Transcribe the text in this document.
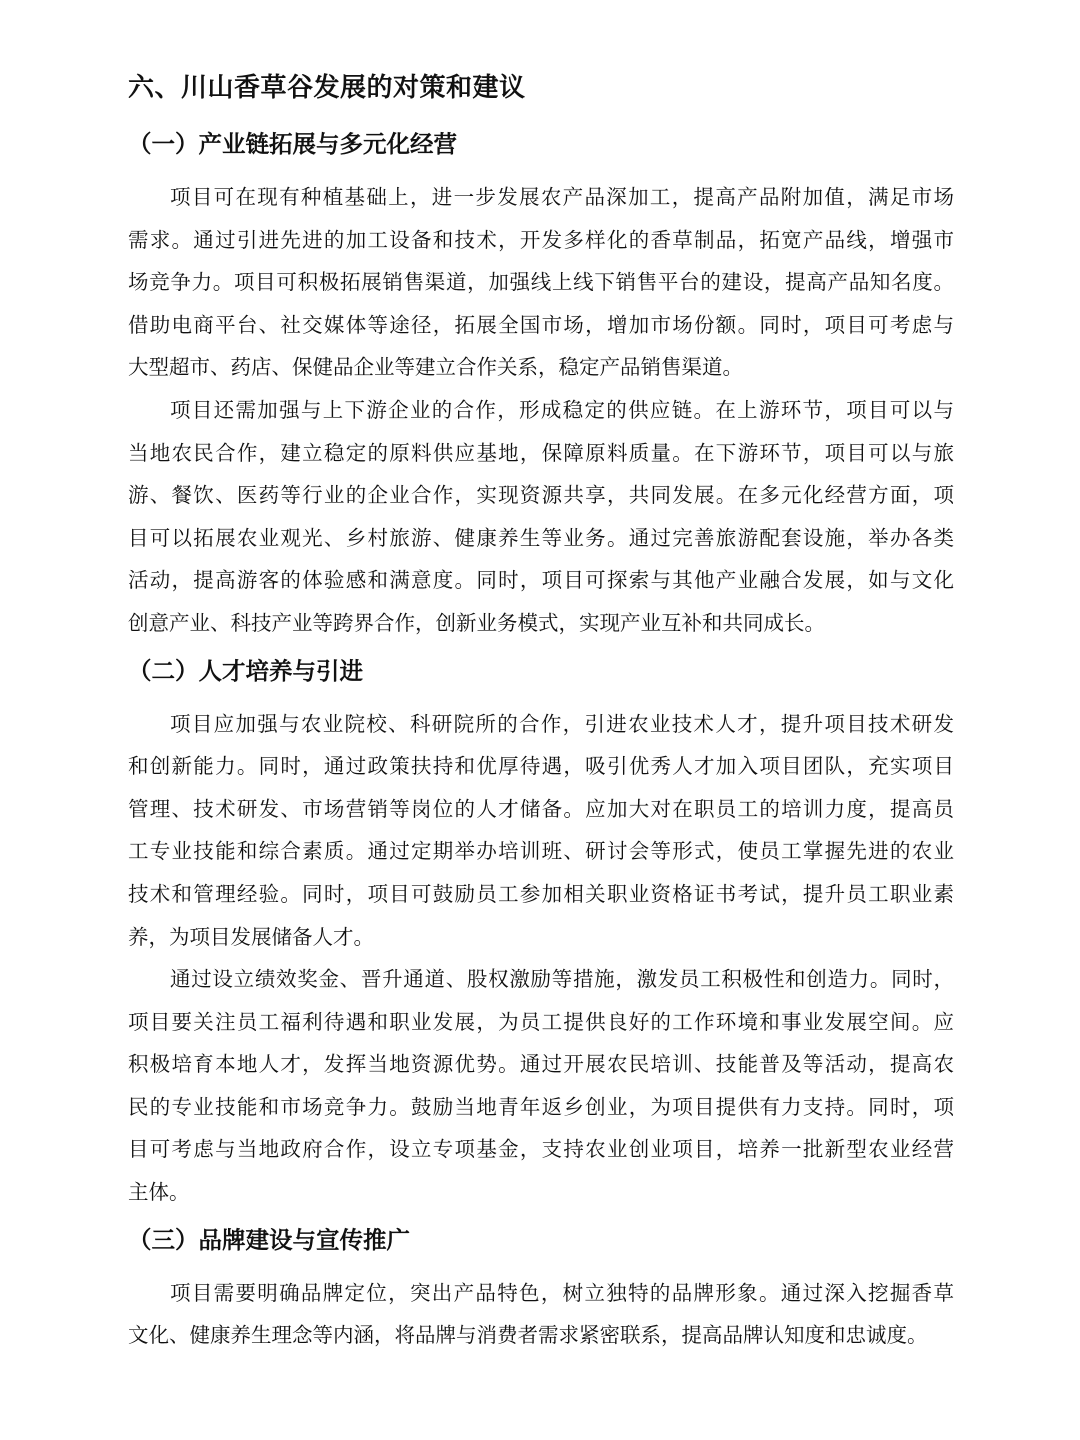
六、川山香草谷发展的对策和建议
（一）产业链拓展与多元化经营
项目可在现有种植基础上，进一步发展农产品深加工，提高产品附加值，满足市场
需求。通过引进先进的加工设备和技术，开发多样化的香草制品，拓宽产品线，增强市
场竞争力。项目可积极拓展销售渠道，加强线上线下销售平台的建设，提高产品知名度。
借助电商平台、社交媒体等途径，拓展全国市场，增加市场份额。同时，项目可考虑与
大型超市、药店、保健品企业等建立合作关系，稳定产品销售渠道。
项目还需加强与上下游企业的合作，形成稳定的供应链。在上游环节，项目可以与
当地农民合作，建立稳定的原料供应基地，保障原料质量。在下游环节，项目可以与旅
游、餐饮、医药等行业的企业合作，实现资源共享，共同发展。在多元化经营方面，项
目可以拓展农业观光、乡村旅游、健康养生等业务。通过完善旅游配套设施，举办各类
活动，提高游客的体验感和满意度。同时，项目可探索与其他产业融合发展，如与文化
创意产业、科技产业等跨界合作，创新业务模式，实现产业互补和共同成长。
（二）人才培养与引进
项目应加强与农业院校、科研院所的合作，引进农业技术人才，提升项目技术研发
和创新能力。同时，通过政策扶持和优厚待遇，吸引优秀人才加入项目团队，充实项目
管理、技术研发、市场营销等岗位的人才储备。应加大对在职员工的培训力度，提高员
工专业技能和综合素质。通过定期举办培训班、研讨会等形式，使员工掌握先进的农业
技术和管理经验。同时，项目可鼓励员工参加相关职业资格证书考试，提升员工职业素
养，为项目发展储备人才。
通过设立绩效奖金、晋升通道、股权激励等措施，激发员工积极性和创造力。同时，
项目要关注员工福利待遇和职业发展，为员工提供良好的工作环境和事业发展空间。应
积极培育本地人才，发挥当地资源优势。通过开展农民培训、技能普及等活动，提高农
民的专业技能和市场竞争力。鼓励当地青年返乡创业，为项目提供有力支持。同时，项
目可考虑与当地政府合作，设立专项基金，支持农业创业项目，培养一批新型农业经营
主体。
（三）品牌建设与宣传推广
项目需要明确品牌定位，突出产品特色，树立独特的品牌形象。通过深入挖掘香草
文化、健康养生理念等内涵，将品牌与消费者需求紧密联系，提高品牌认知度和忠诚度。
